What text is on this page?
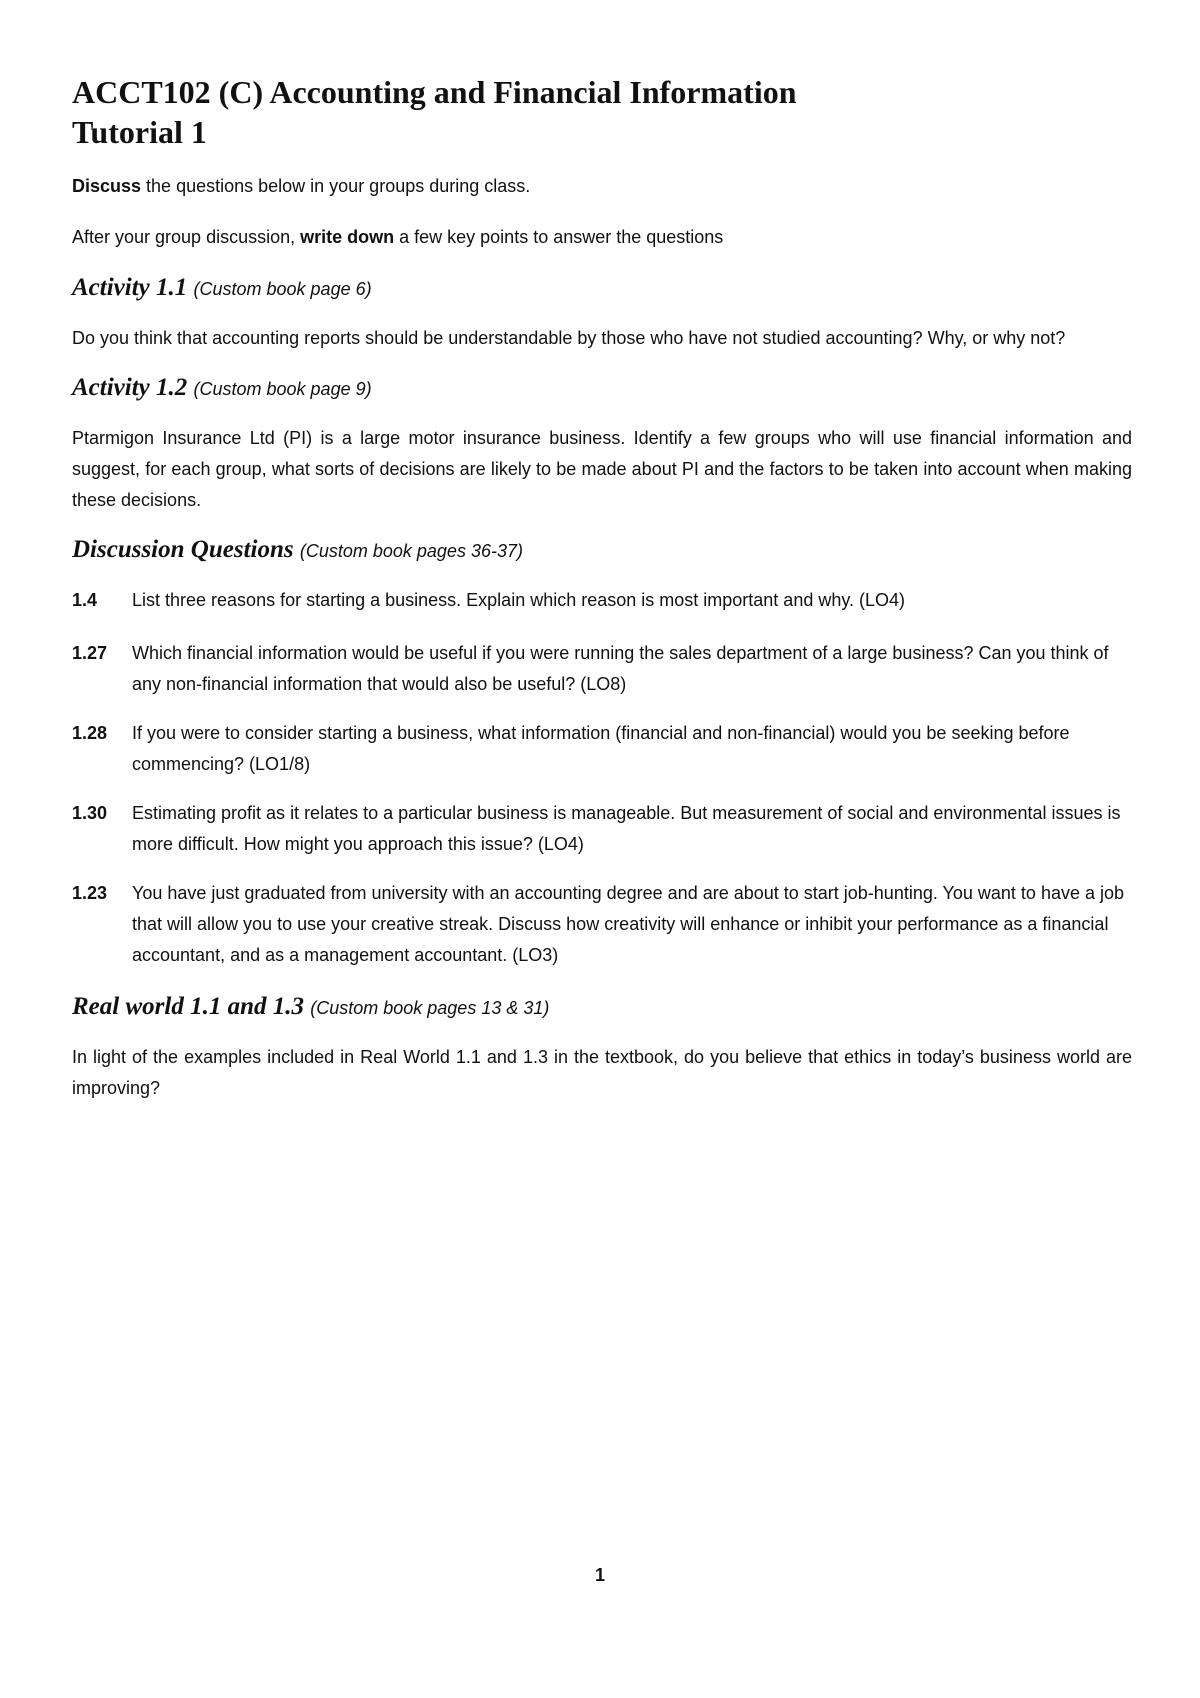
ACCT102 (C) Accounting and Financial Information
Tutorial 1

Discuss the questions below in your groups during class.

After your group discussion, write down a few key points to answer the questions

Activity 1.1 (Custom book page 6)

Do you think that accounting reports should be understandable by those who have not studied accounting? Why, or why not?

Activity 1.2 (Custom book page 9)

Ptarmigon Insurance Ltd (PI) is a large motor insurance business. Identify a few groups who will use financial information and suggest, for each group, what sorts of decisions are likely to be made about PI and the factors to be taken into account when making these decisions.

Discussion Questions (Custom book pages 36-37)
1.4	List three reasons for starting a business. Explain which reason is most important and why. (LO4)
1.27	Which financial information would be useful if you were running the sales department of a large business? Can you think of any non-financial information that would also be useful? (LO8)
1.28	If you were to consider starting a business, what information (financial and non-financial) would you be seeking before commencing? (LO1/8)
1.30	Estimating profit as it relates to a particular business is manageable. But measurement of social and environmental issues is more difficult. How might you approach this issue? (LO4)
1.23	You have just graduated from university with an accounting degree and are about to start job-hunting. You want to have a job that will allow you to use your creative streak. Discuss how creativity will enhance or inhibit your performance as a financial accountant, and as a management accountant. (LO3)
Real world 1.1 and 1.3 (Custom book pages 13 & 31)

In light of the examples included in Real World 1.1 and 1.3 in the textbook, do you believe that ethics in today’s business world are improving?

1
